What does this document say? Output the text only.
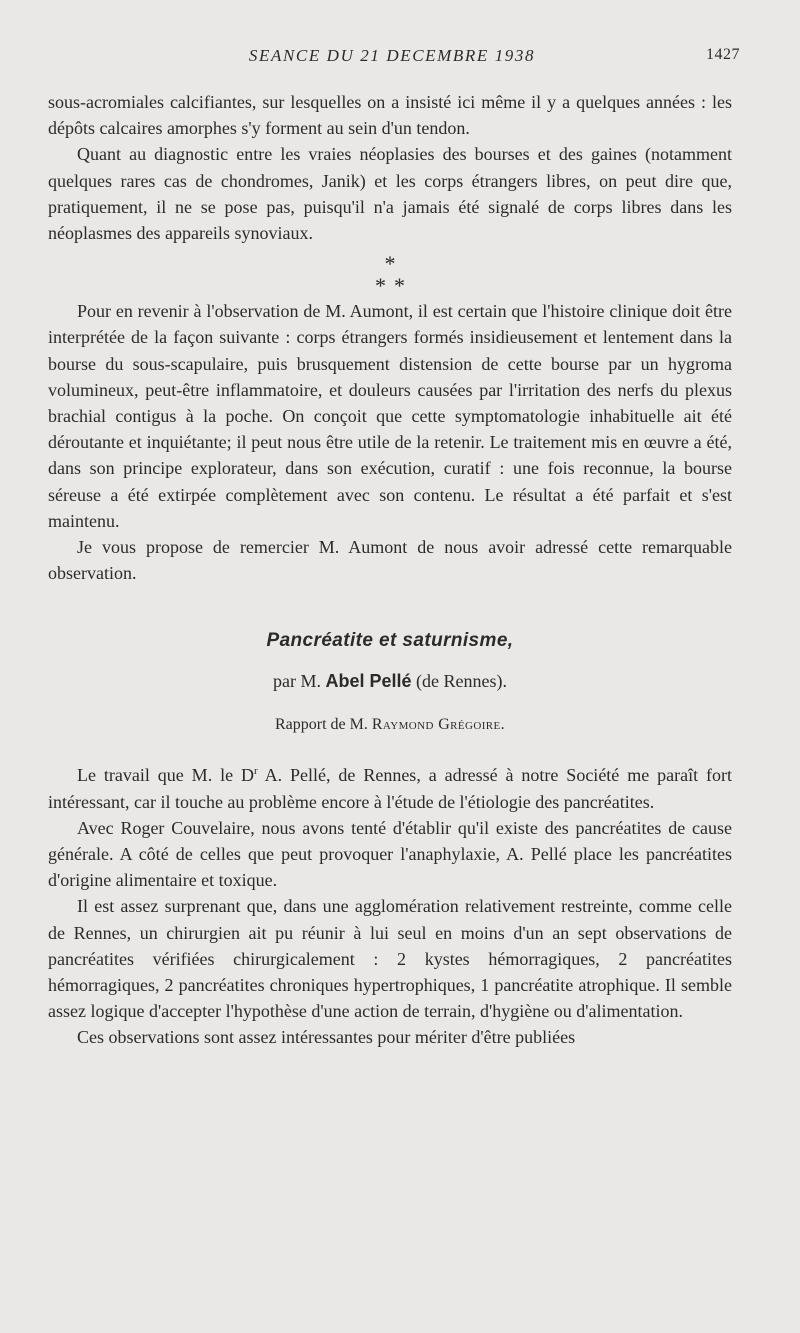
SEANCE DU 21 DECEMBRE 1938	1427

sous-acromiales calcifiantes, sur lesquelles on a insisté ici même il y a quelques années : les dépôts calcaires amorphes s'y forment au sein d'un tendon.

Quant au diagnostic entre les vraies néoplasies des bourses et des gaines (notamment quelques rares cas de chondromes, Janik) et les corps étrangers libres, on peut dire que, pratiquement, il ne se pose pas, puisqu'il n'a jamais été signalé de corps libres dans les néoplasmes des appareils synoviaux.

*
**

Pour en revenir à l'observation de M. Aumont, il est certain que l'histoire clinique doit être interprétée de la façon suivante : corps étrangers formés insidieusement et lentement dans la bourse du sous-scapulaire, puis brusquement distension de cette bourse par un hygroma volumineux, peut-être inflammatoire, et douleurs causées par l'irritation des nerfs du plexus brachial contigus à la poche. On conçoit que cette symptomatologie inhabituelle ait été déroutante et inquiétante; il peut nous être utile de la retenir. Le traitement mis en œuvre a été, dans son principe explorateur, dans son exécution, curatif : une fois reconnue, la bourse séreuse a été extirpée complètement avec son contenu. Le résultat a été parfait et s'est maintenu.

Je vous propose de remercier M. Aumont de nous avoir adressé cette remarquable observation.

Pancréatite et saturnisme,

par M. Abel Pellé (de Rennes).

Rapport de M. Raymond Grégoire.

Le travail que M. le $D^r$ A. Pellé, de Rennes, a adressé à notre Société me paraît fort intéressant, car il touche au problème encore à l'étude de l'étiologie des pancréatites.

Avec Roger Couvelaire, nous avons tenté d'établir qu'il existe des pancréatites de cause générale. A côté de celles que peut provoquer l'anaphylaxie, A. Pellé place les pancréatites d'origine alimentaire et toxique.

Il est assez surprenant que, dans une agglomération relativement restreinte, comme celle de Rennes, un chirurgien ait pu réunir à lui seul en moins d'un an sept observations de pancréatites vérifiées chirurgicalement : 2 kystes hémorragiques, 2 pancréatites hémorragiques, 2 pancréatites chroniques hypertrophiques, 1 pancréatite atrophique. Il semble assez logique d'accepter l'hypothèse d'une action de terrain, d'hygiène ou d'alimentation.

Ces observations sont assez intéressantes pour mériter d'être publiées
